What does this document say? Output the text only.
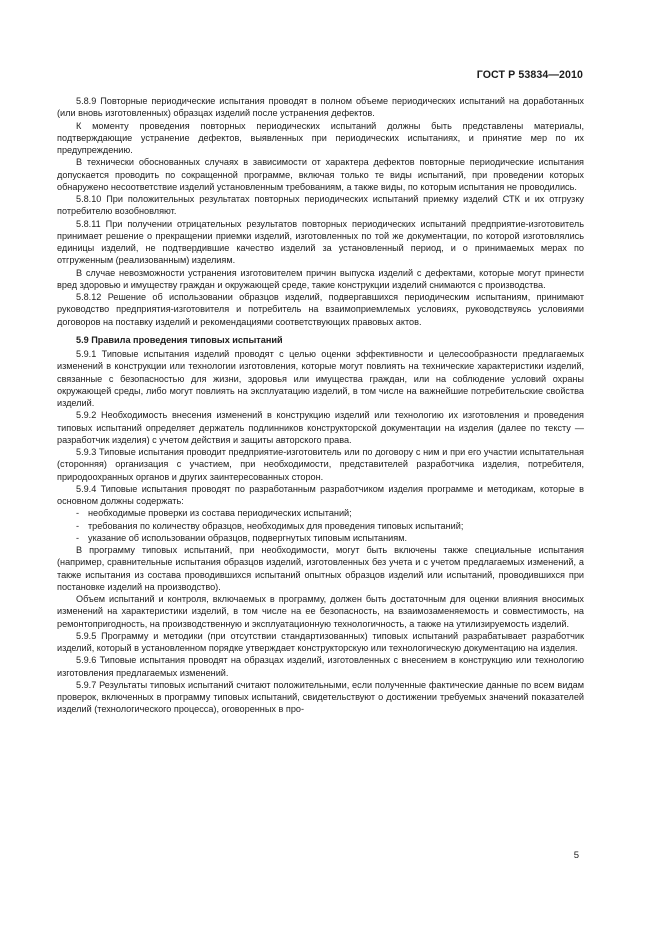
ГОСТ Р 53834—2010

5.8.9 Повторные периодические испытания проводят в полном объеме периодических испытаний на доработанных (или вновь изготовленных) образцах изделий после устранения дефектов.

К моменту проведения повторных периодических испытаний должны быть представлены материалы, подтверждающие устранение дефектов, выявленных при периодических испытаниях, и принятие мер по их предупреждению.

В технически обоснованных случаях в зависимости от характера дефектов повторные периодические испытания допускается проводить по сокращенной программе, включая только те виды испытаний, при проведении которых обнаружено несоответствие изделий установленным требованиям, а также виды, по которым испытания не проводились.

5.8.10 При положительных результатах повторных периодических испытаний приемку изделий СТК и их отгрузку потребителю возобновляют.

5.8.11 При получении отрицательных результатов повторных периодических испытаний предприятие-изготовитель принимает решение о прекращении приемки изделий, изготовленных по той же документации, по которой изготовлялись единицы изделий, не подтвердившие качество изделий за установленный период, и о принимаемых мерах по отгруженным (реализованным) изделиям.

В случае невозможности устранения изготовителем причин выпуска изделий с дефектами, которые могут принести вред здоровью и имуществу граждан и окружающей среде, такие конструкции изделий снимаются с производства.

5.8.12 Решение об использовании образцов изделий, подвергавшихся периодическим испытаниям, принимают руководство предприятия-изготовителя и потребитель на взаимоприемлемых условиях, руководствуясь условиями договоров на поставку изделий и рекомендациями соответствующих правовых актов.

5.9 Правила проведения типовых испытаний

5.9.1 Типовые испытания изделий проводят с целью оценки эффективности и целесообразности предлагаемых изменений в конструкции или технологии изготовления, которые могут повлиять на технические характеристики изделий, связанные с безопасностью для жизни, здоровья или имущества граждан, или на соблюдение условий охраны окружающей среды, либо могут повлиять на эксплуатацию изделий, в том числе на важнейшие потребительские свойства изделий.

5.9.2 Необходимость внесения изменений в конструкцию изделий или технологию их изготовления и проведения типовых испытаний определяет держатель подлинников конструкторской документации на изделия (далее по тексту — разработчик изделия) с учетом действия и защиты авторского права.

5.9.3 Типовые испытания проводит предприятие-изготовитель или по договору с ним и при его участии испытательная (сторонняя) организация с участием, при необходимости, представителей разработчика изделия, потребителя, природоохранных органов и других заинтересованных сторон.

5.9.4 Типовые испытания проводят по разработанным разработчиком изделия программе и методикам, которые в основном должны содержать:

- необходимые проверки из состава периодических испытаний;

- требования по количеству образцов, необходимых для проведения типовых испытаний;

- указание об использовании образцов, подвергнутых типовым испытаниям.

В программу типовых испытаний, при необходимости, могут быть включены также специальные испытания (например, сравнительные испытания образцов изделий, изготовленных без учета и с учетом предлагаемых изменений, а также испытания из состава проводившихся испытаний опытных образцов изделий или испытаний, проводившихся при постановке изделий на производство).

Объем испытаний и контроля, включаемых в программу, должен быть достаточным для оценки влияния вносимых изменений на характеристики изделий, в том числе на ее безопасность, на взаимозаменяемость и совместимость, на ремонтопригодность, на производственную и эксплуатационную технологичность, а также на утилизируемость изделий.

5.9.5 Программу и методики (при отсутствии стандартизованных) типовых испытаний разрабатывает разработчик изделий, который в установленном порядке утверждает конструкторскую или технологическую документацию на изделия.

5.9.6 Типовые испытания проводят на образцах изделий, изготовленных с внесением в конструкцию или технологию изготовления предлагаемых изменений.

5.9.7 Результаты типовых испытаний считают положительными, если полученные фактические данные по всем видам проверок, включенных в программу типовых испытаний, свидетельствуют о достижении требуемых значений показателей изделий (технологического процесса), оговоренных в про-

5
